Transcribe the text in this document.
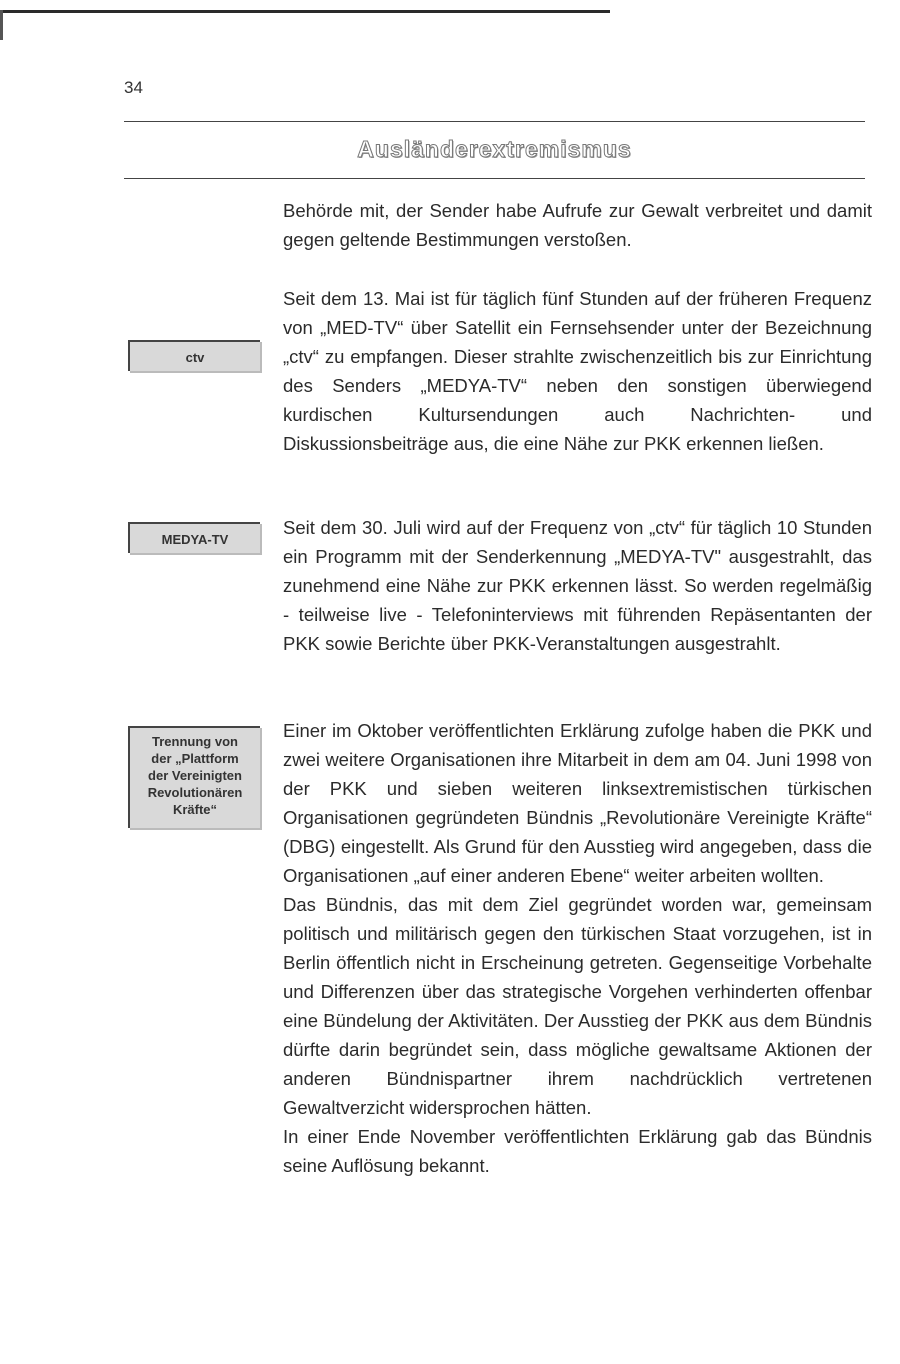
34
Ausländerextremismus
ctv
MEDYA-TV
Trennung von
der „Plattform
der Vereinigten
Revolutionären
Kräfte“

Behörde mit, der Sender habe Aufrufe zur Gewalt verbreitet und damit gegen geltende Bestimmungen verstoßen.

Seit dem 13. Mai ist für täglich fünf Stunden auf der früheren Frequenz von „MED-TV“ über Satellit ein Fernsehsender unter der Bezeichnung „ctv“ zu empfangen. Dieser strahlte zwischenzeitlich bis zur Einrichtung des Senders „MEDYA-TV“ neben den sonstigen überwiegend kurdischen Kultursendungen auch Nachrichten- und Diskussionsbeiträge aus, die eine Nähe zur PKK erkennen ließen.

Seit dem 30. Juli wird auf der Frequenz von „ctv“ für täglich 10 Stunden ein Programm mit der Senderkennung „MEDYA-TV" ausgestrahlt, das zunehmend eine Nähe zur PKK erkennen lässt. So werden regelmäßig - teilweise live - Telefoninterviews mit führenden Repäsentanten der PKK sowie Berichte über PKK-Veranstaltungen ausgestrahlt.

Einer im Oktober veröffentlichten Erklärung zufolge haben die PKK und zwei weitere Organisationen ihre Mitarbeit in dem am 04. Juni 1998 von der PKK und sieben weiteren linksextremistischen türkischen Organisationen gegründeten Bündnis „Revolutionäre Vereinigte Kräfte“ (DBG) eingestellt. Als Grund für den Ausstieg wird angegeben, dass die Organisationen „auf einer anderen Ebene“ weiter arbeiten wollten.

Das Bündnis, das mit dem Ziel gegründet worden war, gemeinsam politisch und militärisch gegen den türkischen Staat vorzugehen, ist in Berlin öffentlich nicht in Erscheinung getreten. Gegenseitige Vorbehalte und Differenzen über das strategische Vorgehen verhinderten offenbar eine Bündelung der Aktivitäten. Der Ausstieg der PKK aus dem Bündnis dürfte darin begründet sein, dass mögliche gewaltsame Aktionen der anderen Bündnispartner ihrem nachdrücklich vertretenen Gewaltverzicht widersprochen hätten.

In einer Ende November veröffentlichten Erklärung gab das Bündnis seine Auflösung bekannt.
